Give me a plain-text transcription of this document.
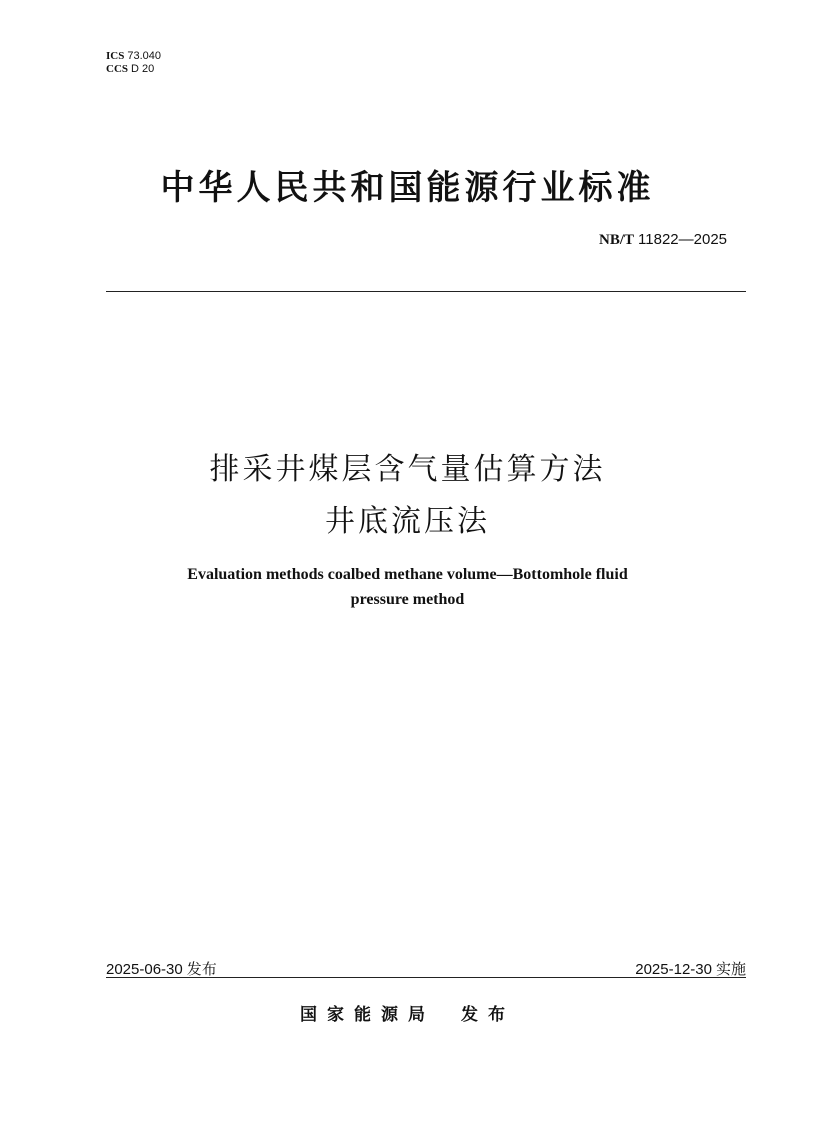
ICS 73.040
CCS D 20
中华人民共和国能源行业标准
NB/T 11822—2025
排采井煤层含气量估算方法
井底流压法
Evaluation methods coalbed methane volume—Bottomhole fluid
pressure method
2025-06-30 发布	2025-12-30 实施
国家能源局 发布
